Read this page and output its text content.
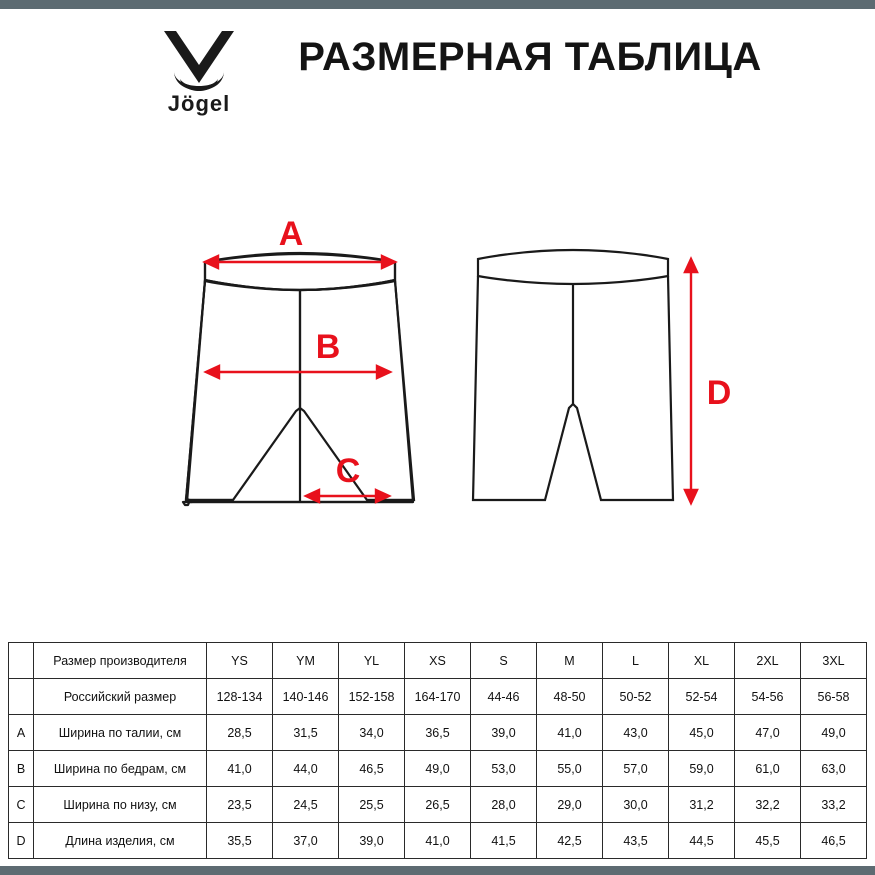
Jögel
РАЗМЕРНАЯ ТАБЛИЦА
A
B
C
D
	Размер производителя	YS	YM	YL	XS	S	M	L	XL	2XL	3XL
	Российский размер	128-134	140-146	152-158	164-170	44-46	48-50	50-52	52-54	54-56	56-58
A	Ширина по талии, см	28,5	31,5	34,0	36,5	39,0	41,0	43,0	45,0	47,0	49,0
B	Ширина по бедрам, см	41,0	44,0	46,5	49,0	53,0	55,0	57,0	59,0	61,0	63,0
C	Ширина по низу, см	23,5	24,5	25,5	26,5	28,0	29,0	30,0	31,2	32,2	33,2
D	Длина изделия, см	35,5	37,0	39,0	41,0	41,5	42,5	43,5	44,5	45,5	46,5
